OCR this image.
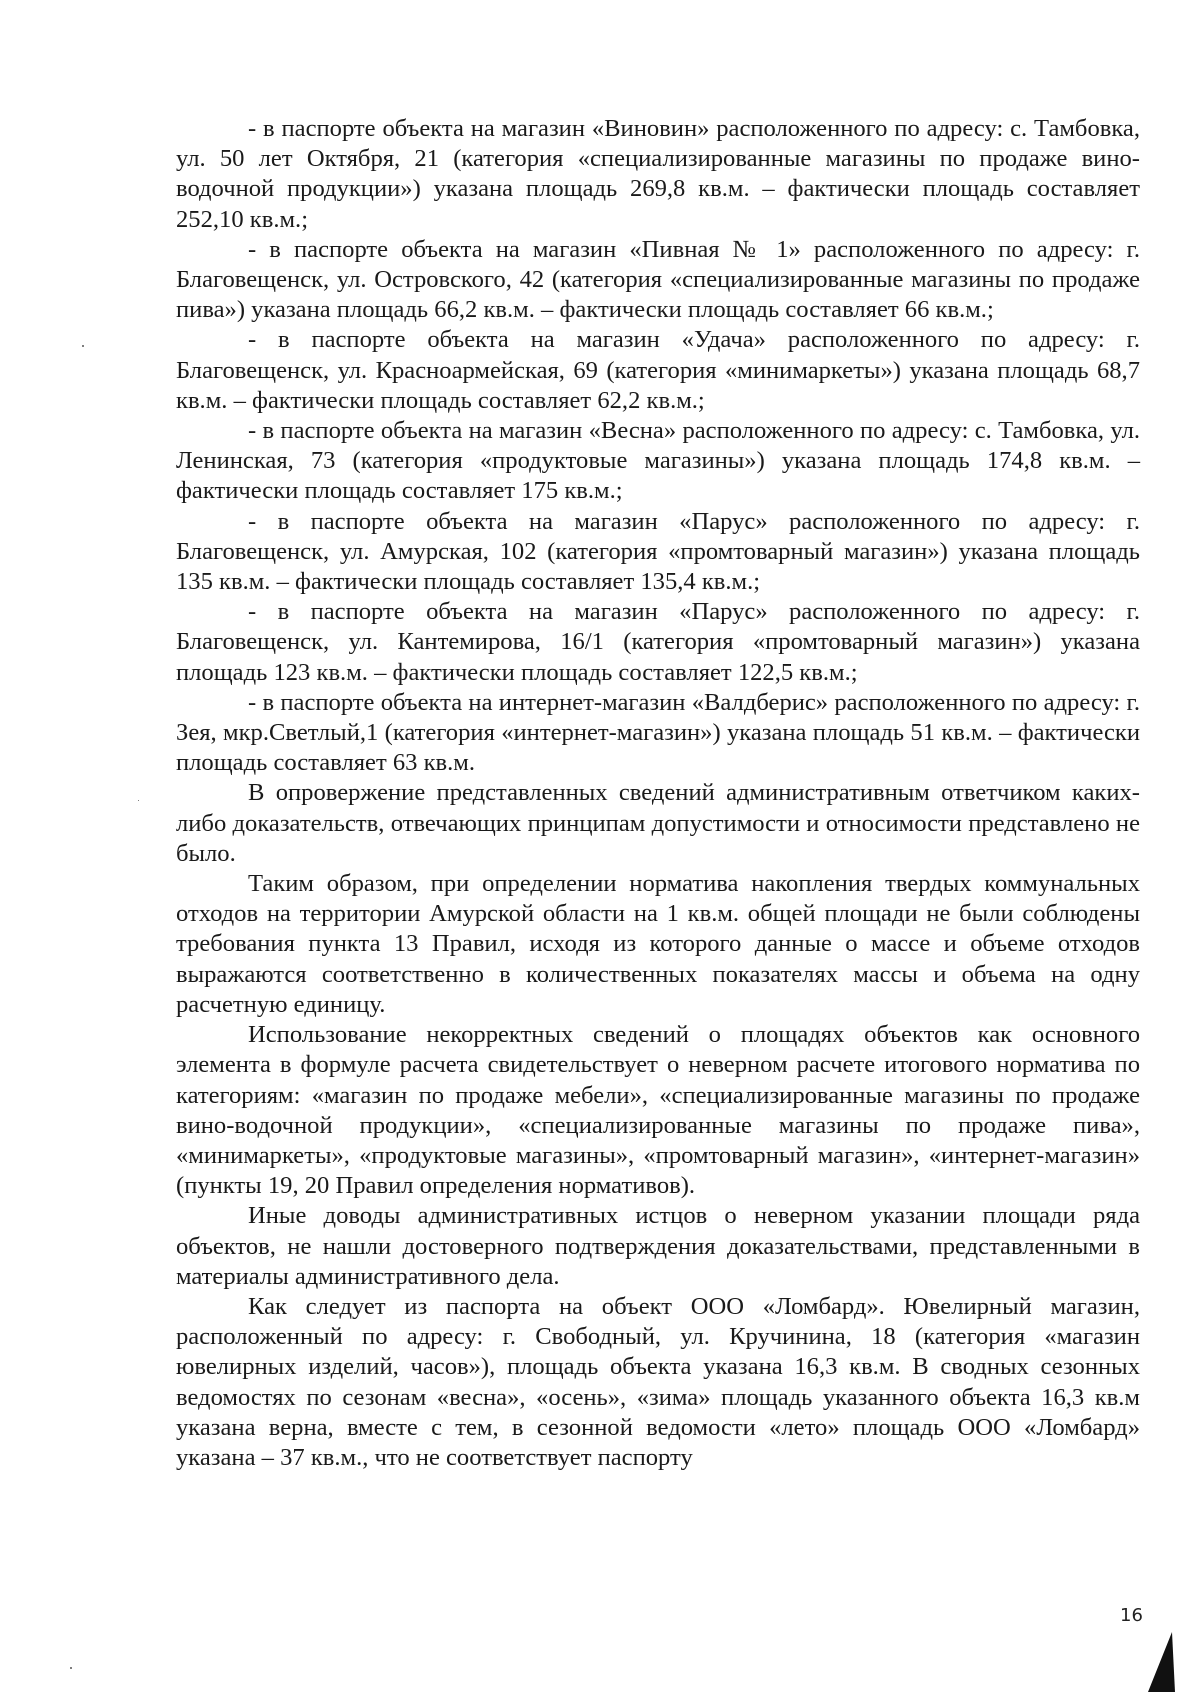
- в паспорте объекта на магазин «Виновин» расположенного по адресу: с. Тамбовка, ул. 50 лет Октября, 21 (категория «специализированные магазины по продаже вино-водочной продукции») указана площадь 269,8 кв.м. – фактически площадь составляет 252,10 кв.м.;

- в паспорте объекта на магазин «Пивная № 1» расположенного по адресу: г. Благовещенск, ул. Островского, 42 (категория «специализированные магазины по продаже пива») указана площадь 66,2 кв.м. – фактически площадь составляет 66 кв.м.;

- в паспорте объекта на магазин «Удача» расположенного по адресу: г. Благовещенск, ул. Красноармейская, 69 (категория «минимаркеты») указана площадь 68,7 кв.м. – фактически площадь составляет 62,2 кв.м.;

- в паспорте объекта на магазин «Весна» расположенного по адресу: с. Тамбовка, ул. Ленинская, 73 (категория «продуктовые магазины») указана площадь 174,8 кв.м. – фактически площадь составляет 175 кв.м.;

- в паспорте объекта на магазин «Парус» расположенного по адресу: г. Благовещенск, ул. Амурская, 102 (категория «промтоварный магазин») указана площадь 135 кв.м. – фактически площадь составляет 135,4 кв.м.;

- в паспорте объекта на магазин «Парус» расположенного по адресу: г. Благовещенск, ул. Кантемирова, 16/1 (категория «промтоварный магазин») указана площадь 123 кв.м. – фактически площадь составляет 122,5 кв.м.;

- в паспорте объекта на интернет-магазин «Валдберис» расположенного по адресу: г. Зея, мкр.Светлый,1 (категория «интернет-магазин») указана площадь 51 кв.м. – фактически площадь составляет 63 кв.м.

В опровержение представленных сведений административным ответчиком каких-либо доказательств, отвечающих принципам допустимости и относимости представлено не было.

Таким образом, при определении норматива накопления твердых коммунальных отходов на территории Амурской области на 1 кв.м. общей площади не были соблюдены требования пункта 13 Правил, исходя из которого данные о массе и объеме отходов выражаются соответственно в количественных показателях массы и объема на одну расчетную единицу.

Использование некорректных сведений о площадях объектов как основного элемента в формуле расчета свидетельствует о неверном расчете итогового норматива по категориям: «магазин по продаже мебели», «специализированные магазины по продаже вино-водочной продукции», «специализированные магазины по продаже пива», «минимаркеты», «продуктовые магазины», «промтоварный магазин», «интернет-магазин» (пункты 19, 20 Правил определения нормативов).

Иные доводы административных истцов о неверном указании площади ряда объектов, не нашли достоверного подтверждения доказательствами, представленными в материалы административного дела.

Как следует из паспорта на объект ООО «Ломбард». Ювелирный магазин, расположенный по адресу: г. Свободный, ул. Кручинина, 18 (категория «магазин ювелирных изделий, часов»), площадь объекта указана 16,3 кв.м. В сводных сезонных ведомостях по сезонам «весна», «осень», «зима» площадь указанного объекта 16,3 кв.м указана верна, вместе с тем, в сезонной ведомости «лето» площадь ООО «Ломбард» указана – 37 кв.м., что не соответствует паспорту

16
